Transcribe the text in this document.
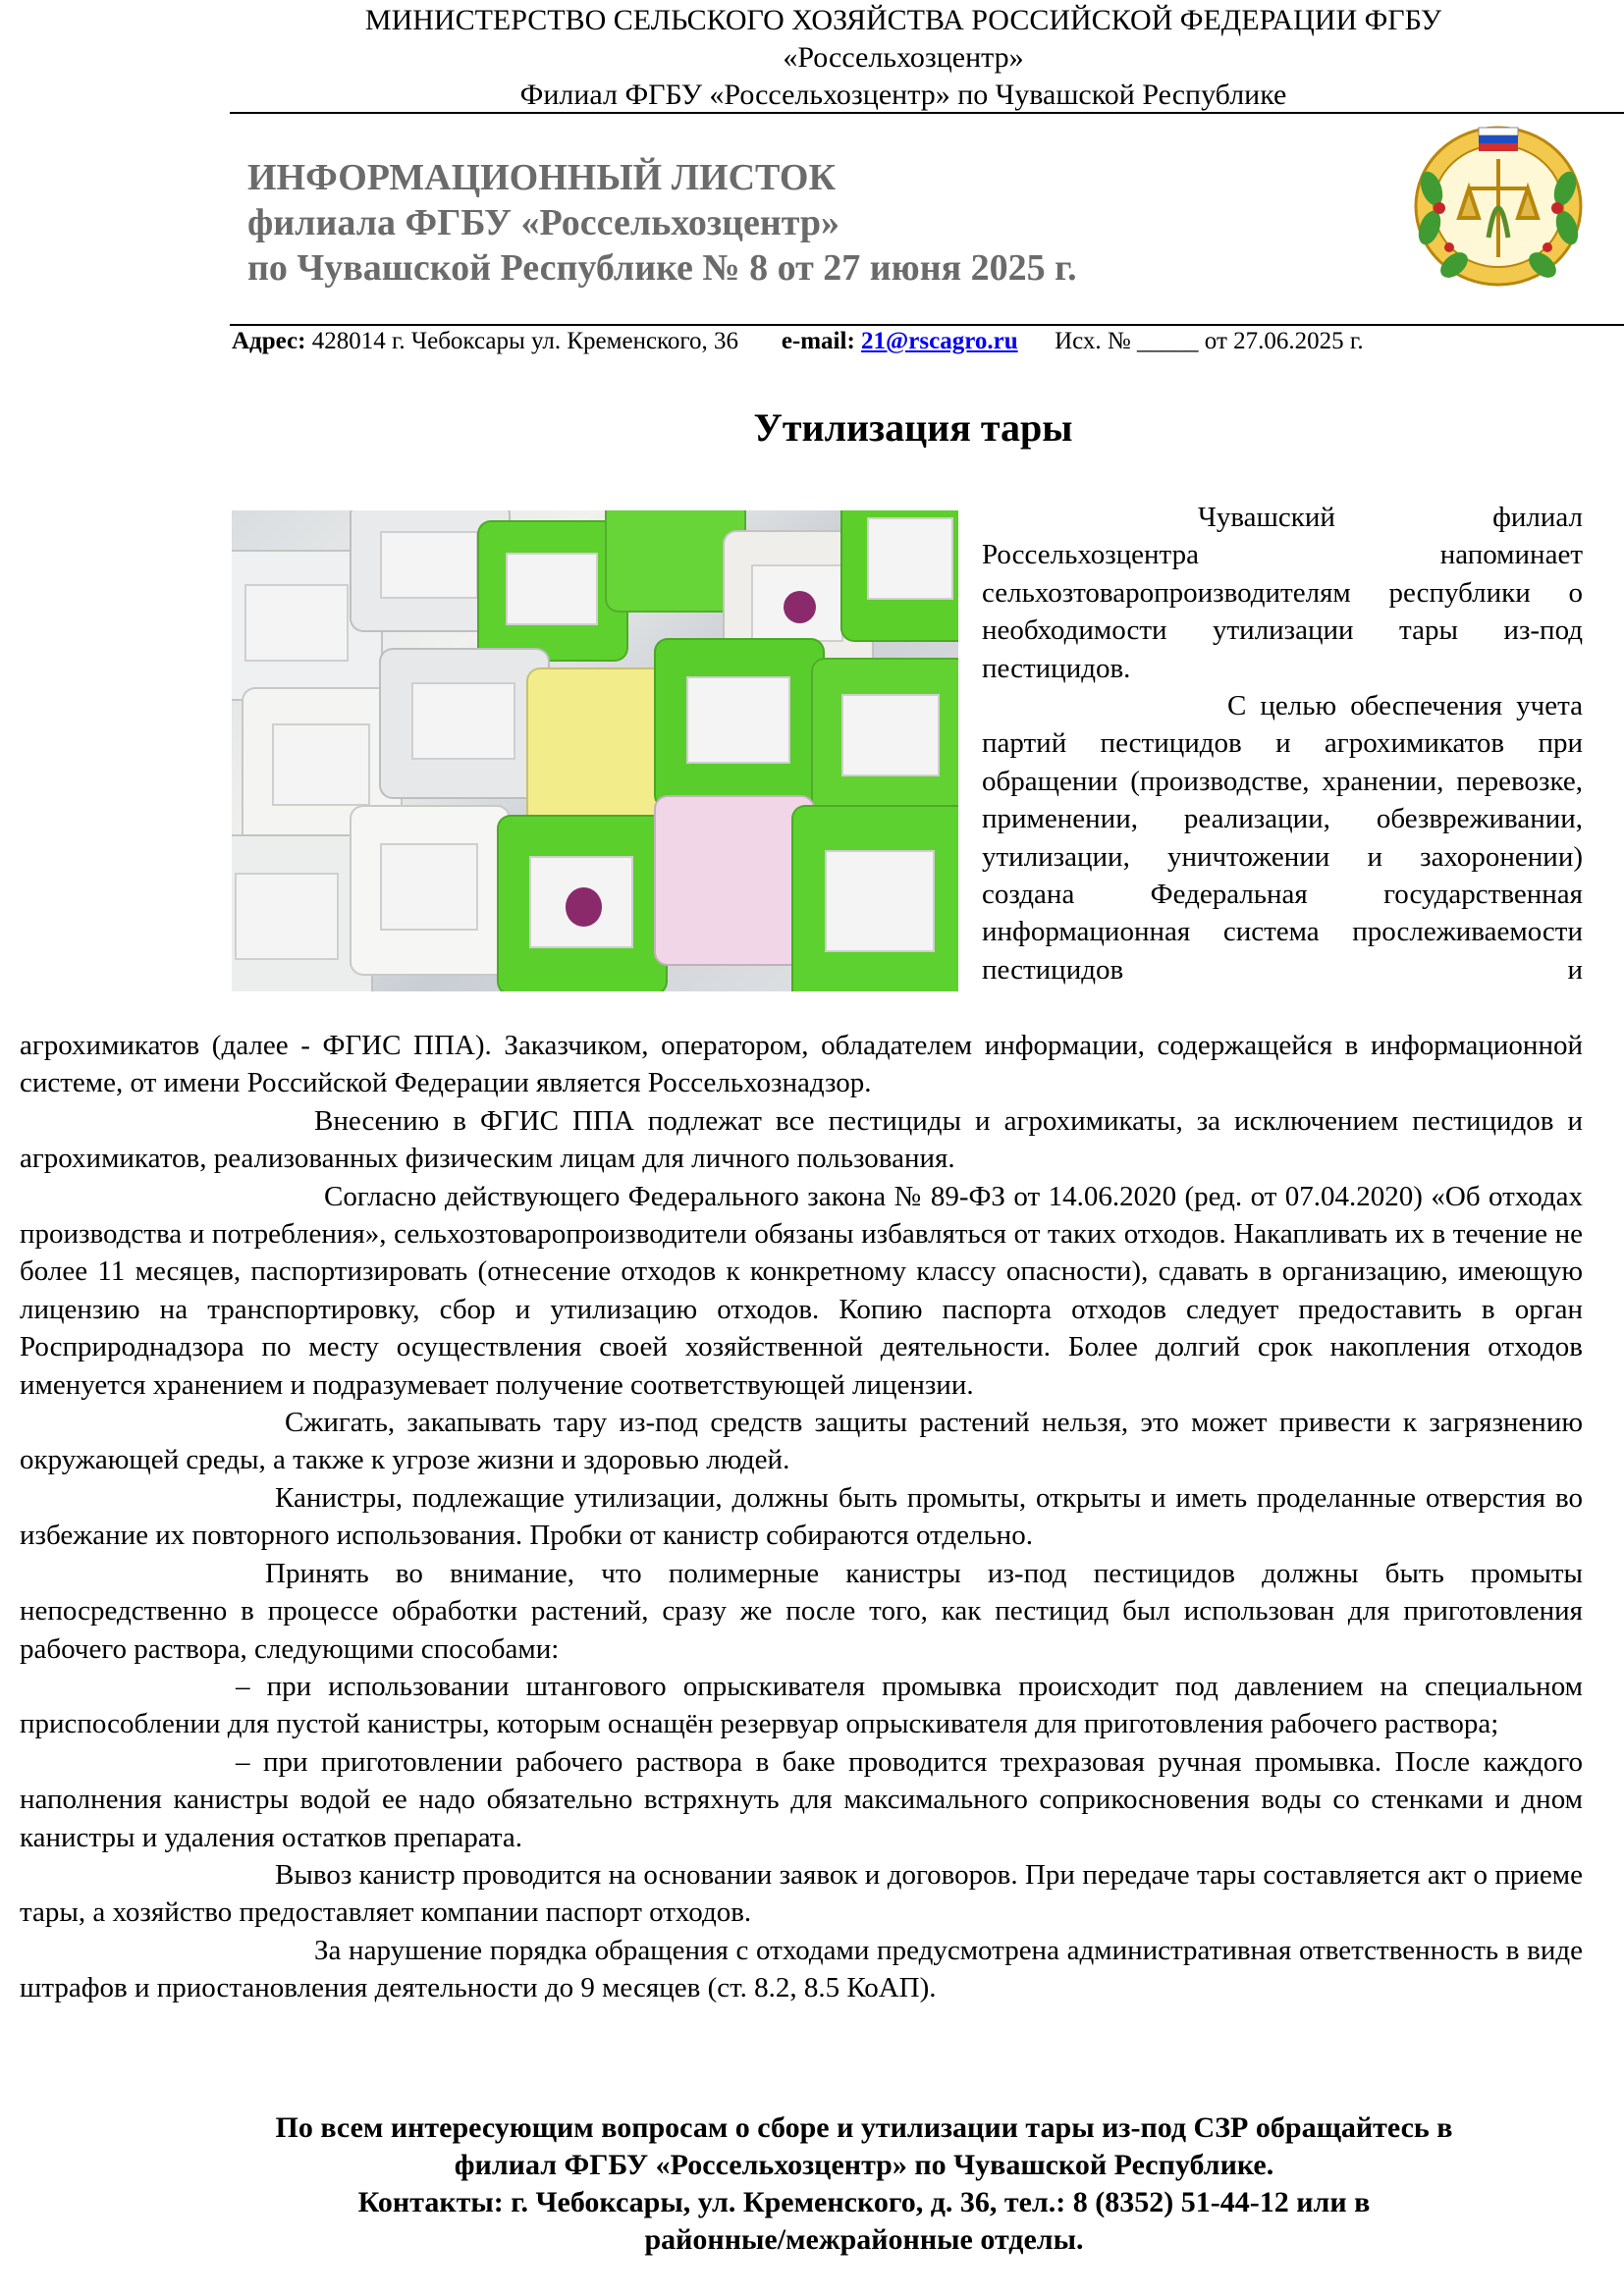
МИНИСТЕРСТВО СЕЛЬСКОГО ХОЗЯЙСТВА РОССИЙСКОЙ ФЕДЕРАЦИИ ФГБУ
«Россельхозцентр»
Филиал ФГБУ «Россельхозцентр» по Чувашской Республике
ИНФОРМАЦИОННЫЙ ЛИСТОК
филиала ФГБУ «Россельхозцентр»
по Чувашской Республике № 8 от 27 июня 2025 г.
Адрес: 428014 г. Чебоксары ул. Кременского, 36 e-mail: 21@rscagro.ru Исх. № _____ от 27.06.2025 г.
Утилизация тары

Чувашский филиал Россельхозцентра напоминает сельхозтоваропроизводителям республики о необходимости утилизации тары из-под пестицидов.

С целью обеспечения учета партий пестицидов и агрохимикатов при обращении (производстве, хранении, перевозке, применении, реализации, обезвреживании, утилизации, уничтожении и захоронении) создана Федеральная государственная информационная система прослеживаемости пестицидов и

агрохимикатов (далее - ФГИС ППА). Заказчиком, оператором, обладателем информации, содержащейся в информационной системе, от имени Российской Федерации является Россельхознадзор.

Внесению в ФГИС ППА подлежат все пестициды и агрохимикаты, за исключением пестицидов и агрохимикатов, реализованных физическим лицам для личного пользования.

Согласно действующего Федерального закона № 89-ФЗ от 14.06.2020 (ред. от 07.04.2020) «Об отходах производства и потребления», сельхозтоваропроизводители обязаны избавляться от таких отходов. Накапливать их в течение не более 11 месяцев, паспортизировать (отнесение отходов к конкретному классу опасности), сдавать в организацию, имеющую лицензию на транспортировку, сбор и утилизацию отходов. Копию паспорта отходов следует предоставить в орган Росприроднадзора по месту осуществления своей хозяйственной деятельности. Более долгий срок накопления отходов именуется хранением и подразумевает получение соответствующей лицензии.

Сжигать, закапывать тару из-под средств защиты растений нельзя, это может привести к загрязнению окружающей среды, а также к угрозе жизни и здоровью людей.

Канистры, подлежащие утилизации, должны быть промыты, открыты и иметь проделанные отверстия во избежание их повторного использования. Пробки от канистр собираются отдельно.

Принять во внимание, что полимерные канистры из-под пестицидов должны быть промыты непосредственно в процессе обработки растений, сразу же после того, как пестицид был использован для приготовления рабочего раствора, следующими способами:

– при использовании штангового опрыскивателя промывка происходит под давлением на специальном приспособлении для пустой канистры, которым оснащён резервуар опрыскивателя для приготовления рабочего раствора;

– при приготовлении рабочего раствора в баке проводится трехразовая ручная промывка. После каждого наполнения канистры водой ее надо обязательно встряхнуть для максимального соприкосновения воды со стенками и дном канистры и удаления остатков препарата.

Вывоз канистр проводится на основании заявок и договоров. При передаче тары составляется акт о приеме тары, а хозяйство предоставляет компании паспорт отходов.

За нарушение порядка обращения с отходами предусмотрена административная ответственность в виде штрафов и приостановления деятельности до 9 месяцев (ст. 8.2, 8.5 КоАП).

По всем интересующим вопросам о сборе и утилизации тары из-под СЗР обращайтесь в
филиал ФГБУ «Россельхозцентр» по Чувашской Республике.
Контакты: г. Чебоксары, ул. Кременского, д. 36, тел.: 8 (8352) 51-44-12 или в
районные/межрайонные отделы.
